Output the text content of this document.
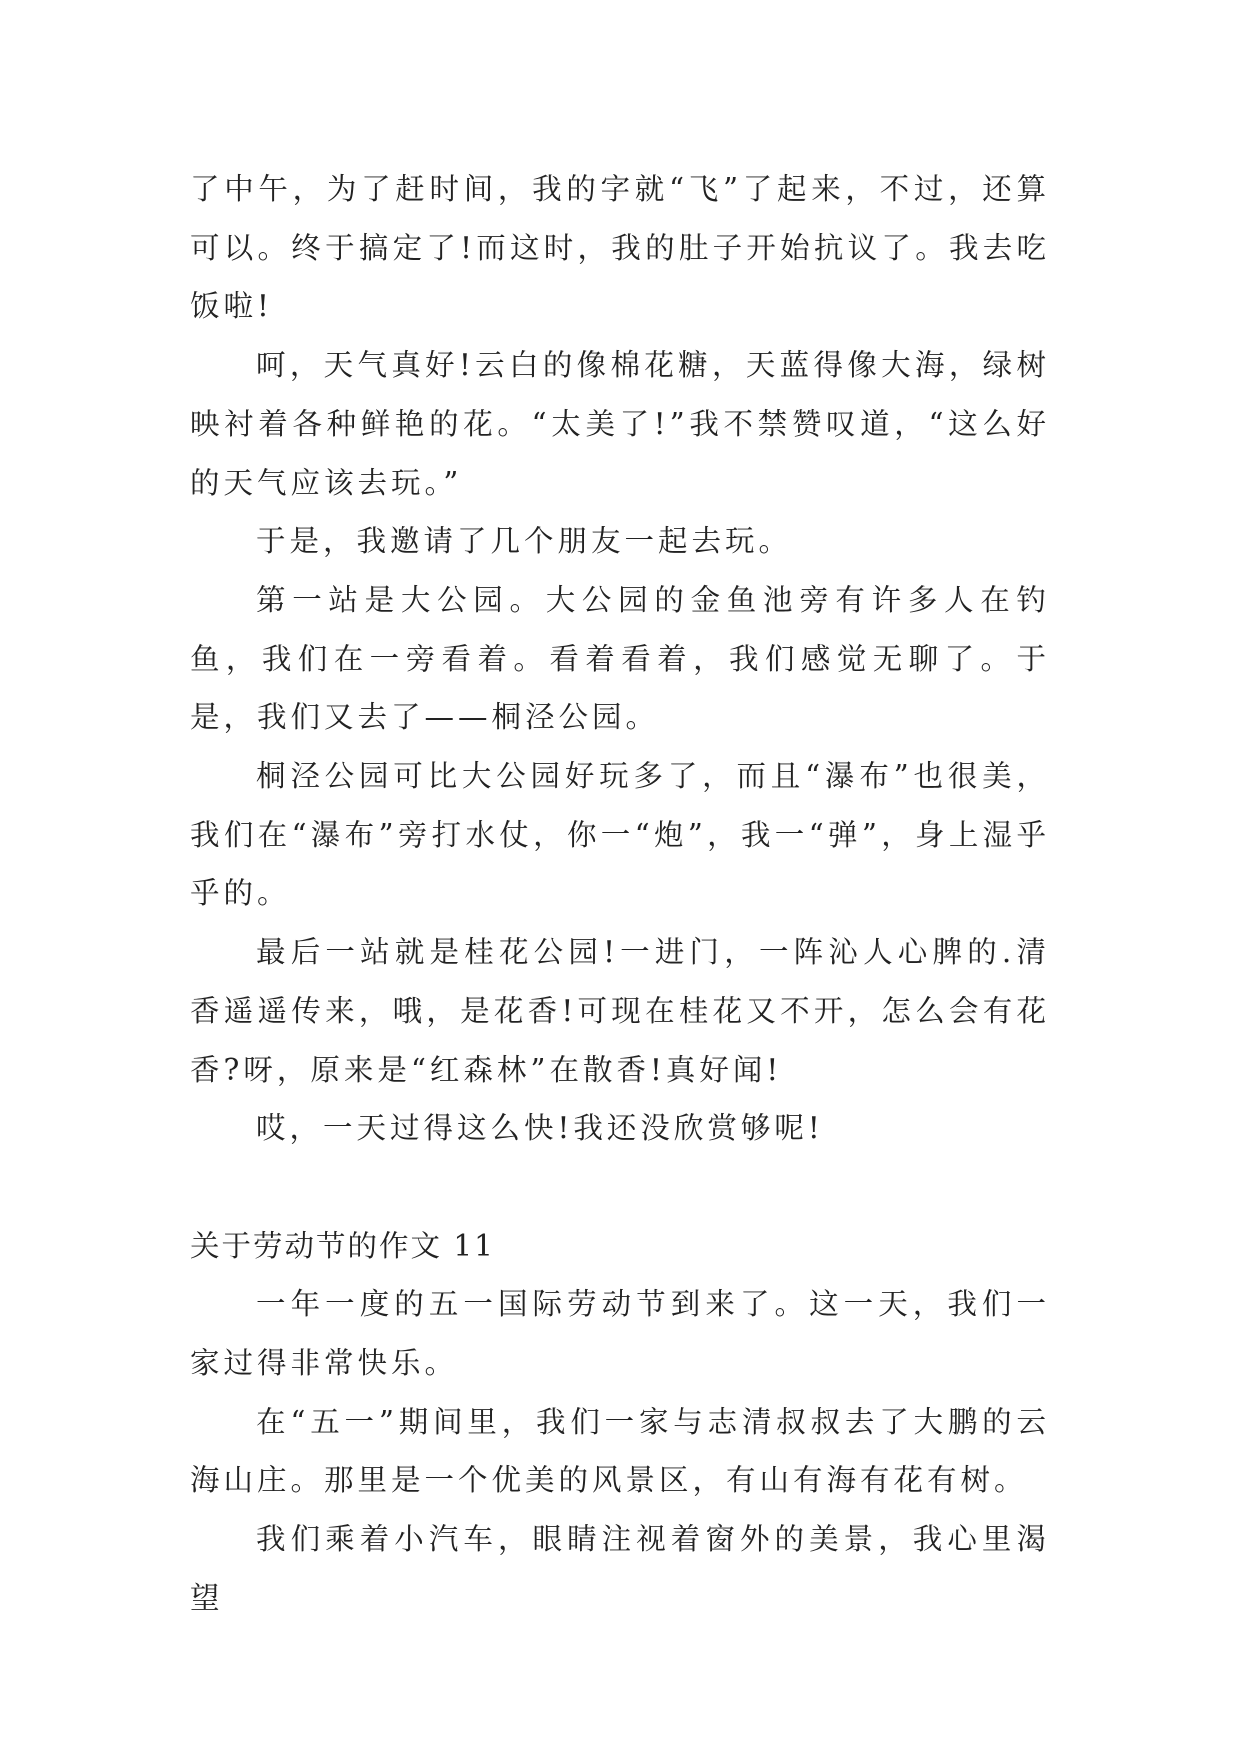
了中午，为了赶时间，我的字就“飞”了起来，不过，还算可以。终于搞定了!而这时，我的肚子开始抗议了。我去吃饭啦!

呵，天气真好!云白的像棉花糖，天蓝得像大海，绿树映衬着各种鲜艳的花。“太美了!”我不禁赞叹道，“这么好的天气应该去玩。”

于是，我邀请了几个朋友一起去玩。

第一站是大公园。大公园的金鱼池旁有许多人在钓鱼，我们在一旁看着。看着看着，我们感觉无聊了。于是，我们又去了——桐泾公园。

桐泾公园可比大公园好玩多了，而且“瀑布”也很美，我们在“瀑布”旁打水仗，你一“炮”，我一“弹”，身上湿乎乎的。

最后一站就是桂花公园!一进门，一阵沁人心脾的.清香遥遥传来，哦，是花香!可现在桂花又不开，怎么会有花香?呀，原来是“红森林”在散香!真好闻!

哎，一天过得这么快!我还没欣赏够呢!

关于劳动节的作文 11

一年一度的五一国际劳动节到来了。这一天，我们一家过得非常快乐。

在“五一”期间里，我们一家与志清叔叔去了大鹏的云海山庄。那里是一个优美的风景区，有山有海有花有树。

我们乘着小汽车，眼睛注视着窗外的美景，我心里渴望
